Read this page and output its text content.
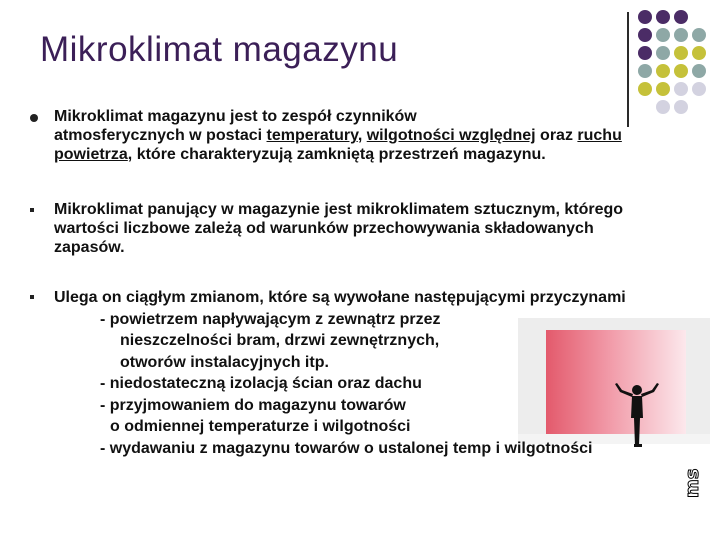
Mikroklimat magazynu
Mikroklimat magazynu jest to zespół czynników
atmosferycznych w postaci temperatury, wilgotności względnej oraz ruchu
powietrza, które charakteryzują zamkniętą przestrzeń magazynu.
Mikroklimat panujący w magazynie jest mikroklimatem sztucznym, którego
wartości liczbowe zależą od warunków przechowywania składowanych
zapasów.
Ulega on ciągłym zmianom, które są wywołane następującymi przyczynami
- powietrzem napływającym z zewnątrz przez
nieszczelności bram, drzwi zewnętrznych,
otworów instalacyjnych itp.
- niedostateczną izolacją ścian oraz dachu
- przyjmowaniem do magazynu towarów
o odmiennej temperaturze i wilgotności
- wydawaniu z magazynu towarów o ustalonej temp i wilgotności
ms
